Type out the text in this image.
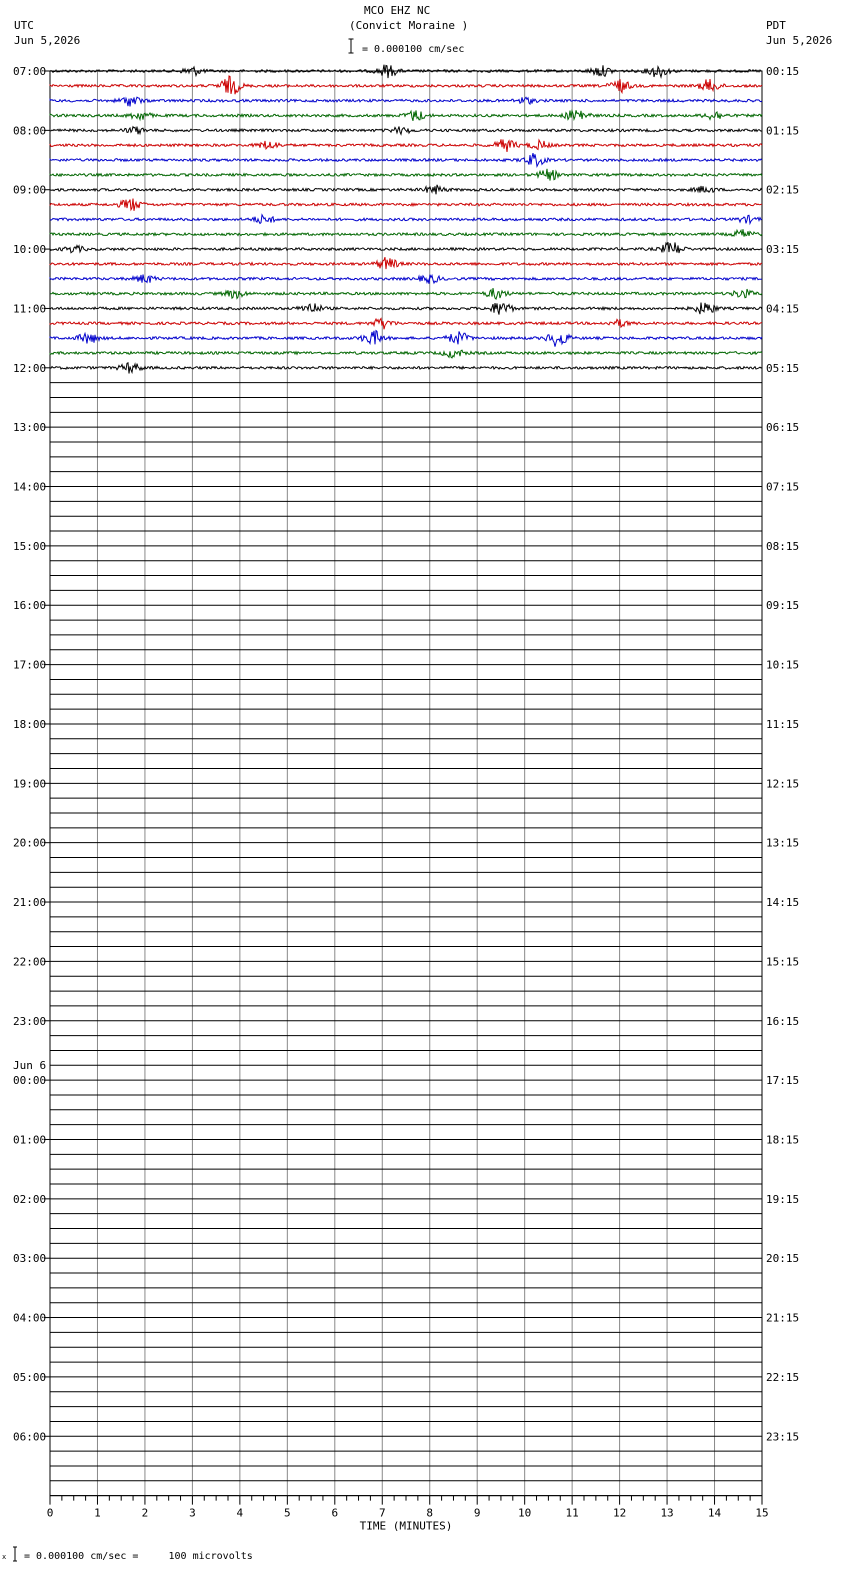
MCO EHZ NC
(Convict Moraine )
UTC
Jun 5,2026
PDT
Jun 5,2026
= 0.000100 cm/sec
0	1	2	3	4	5	6	7	8	9	10	11	12	13	14	15
TIME (MINUTES)
07:00
08:00
09:00
10:00
11:00
12:00
13:00
14:00
15:00
16:00
17:00
18:00
19:00
20:00
21:00
22:00
23:00
00:00
01:00
02:00
03:00
04:00
05:00
06:00
00:15
01:15
02:15
03:15
04:15
05:15
06:15
07:15
08:15
09:15
10:15
11:15
12:15
13:15
14:15
15:15
16:15
17:15
18:15
19:15
20:15
21:15
22:15
23:15
Jun 6
x = 0.000100 cm/sec =     100 microvolts
